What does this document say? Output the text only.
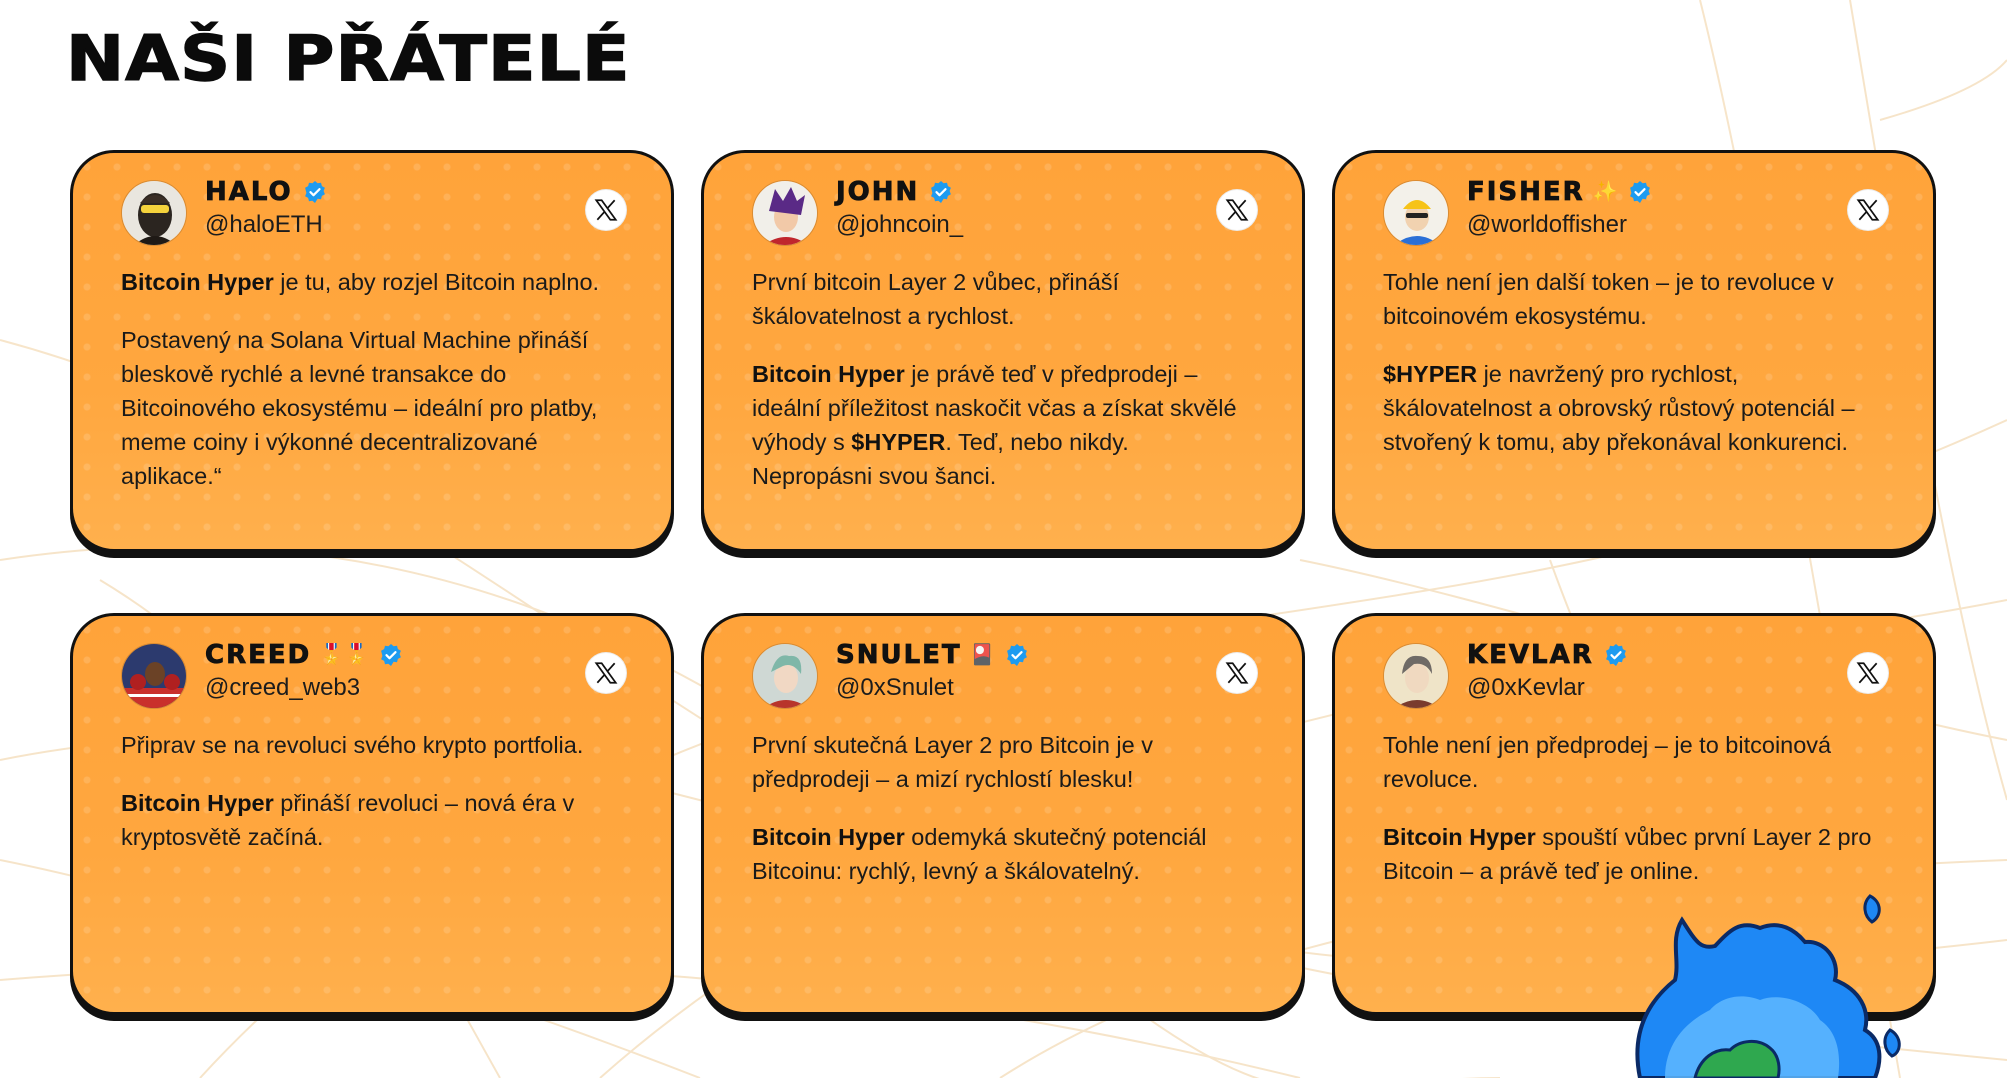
NAŠI PŘÁTELÉ
HALO
@haloETH

Bitcoin Hyper je tu, aby rozjel Bitcoin naplno.

Postavený na Solana Virtual Machine přináší bleskově rychlé a levné transakce do Bitcoinového ekosystému – ideální pro platby, meme coiny i výkonné decentralizované aplikace.“

JOHN
@johncoin_

První bitcoin Layer 2 vůbec, přináší škálovatelnost a rychlost.

Bitcoin Hyper je právě teď v předprodeji – ideální příležitost naskočit včas a získat skvělé výhody s $HYPER. Teď, nebo nikdy. Nepropásni svou šanci.

FISHER ✨
@worldoffisher

Tohle není jen další token – je to revoluce v bitcoinovém ekosystému.

$HYPER je navržený pro rychlost, škálovatelnost a obrovský růstový potenciál – stvořený k tomu, aby překonával konkurenci.

CREED 🎖️🎖️
@creed_web3

Připrav se na revoluci svého krypto portfolia.

Bitcoin Hyper přináší revoluci – nová éra v kryptosvětě začíná.

SNULET 🎴
@0xSnulet

První skutečná Layer 2 pro Bitcoin je v předprodeji – a mizí rychlostí blesku!

Bitcoin Hyper odemyká skutečný potenciál Bitcoinu: rychlý, levný a škálovatelný.

KEVLAR
@0xKevlar

Tohle není jen předprodej – je to bitcoinová revoluce.

Bitcoin Hyper spouští vůbec první Layer 2 pro Bitcoin – a právě teď je online.
